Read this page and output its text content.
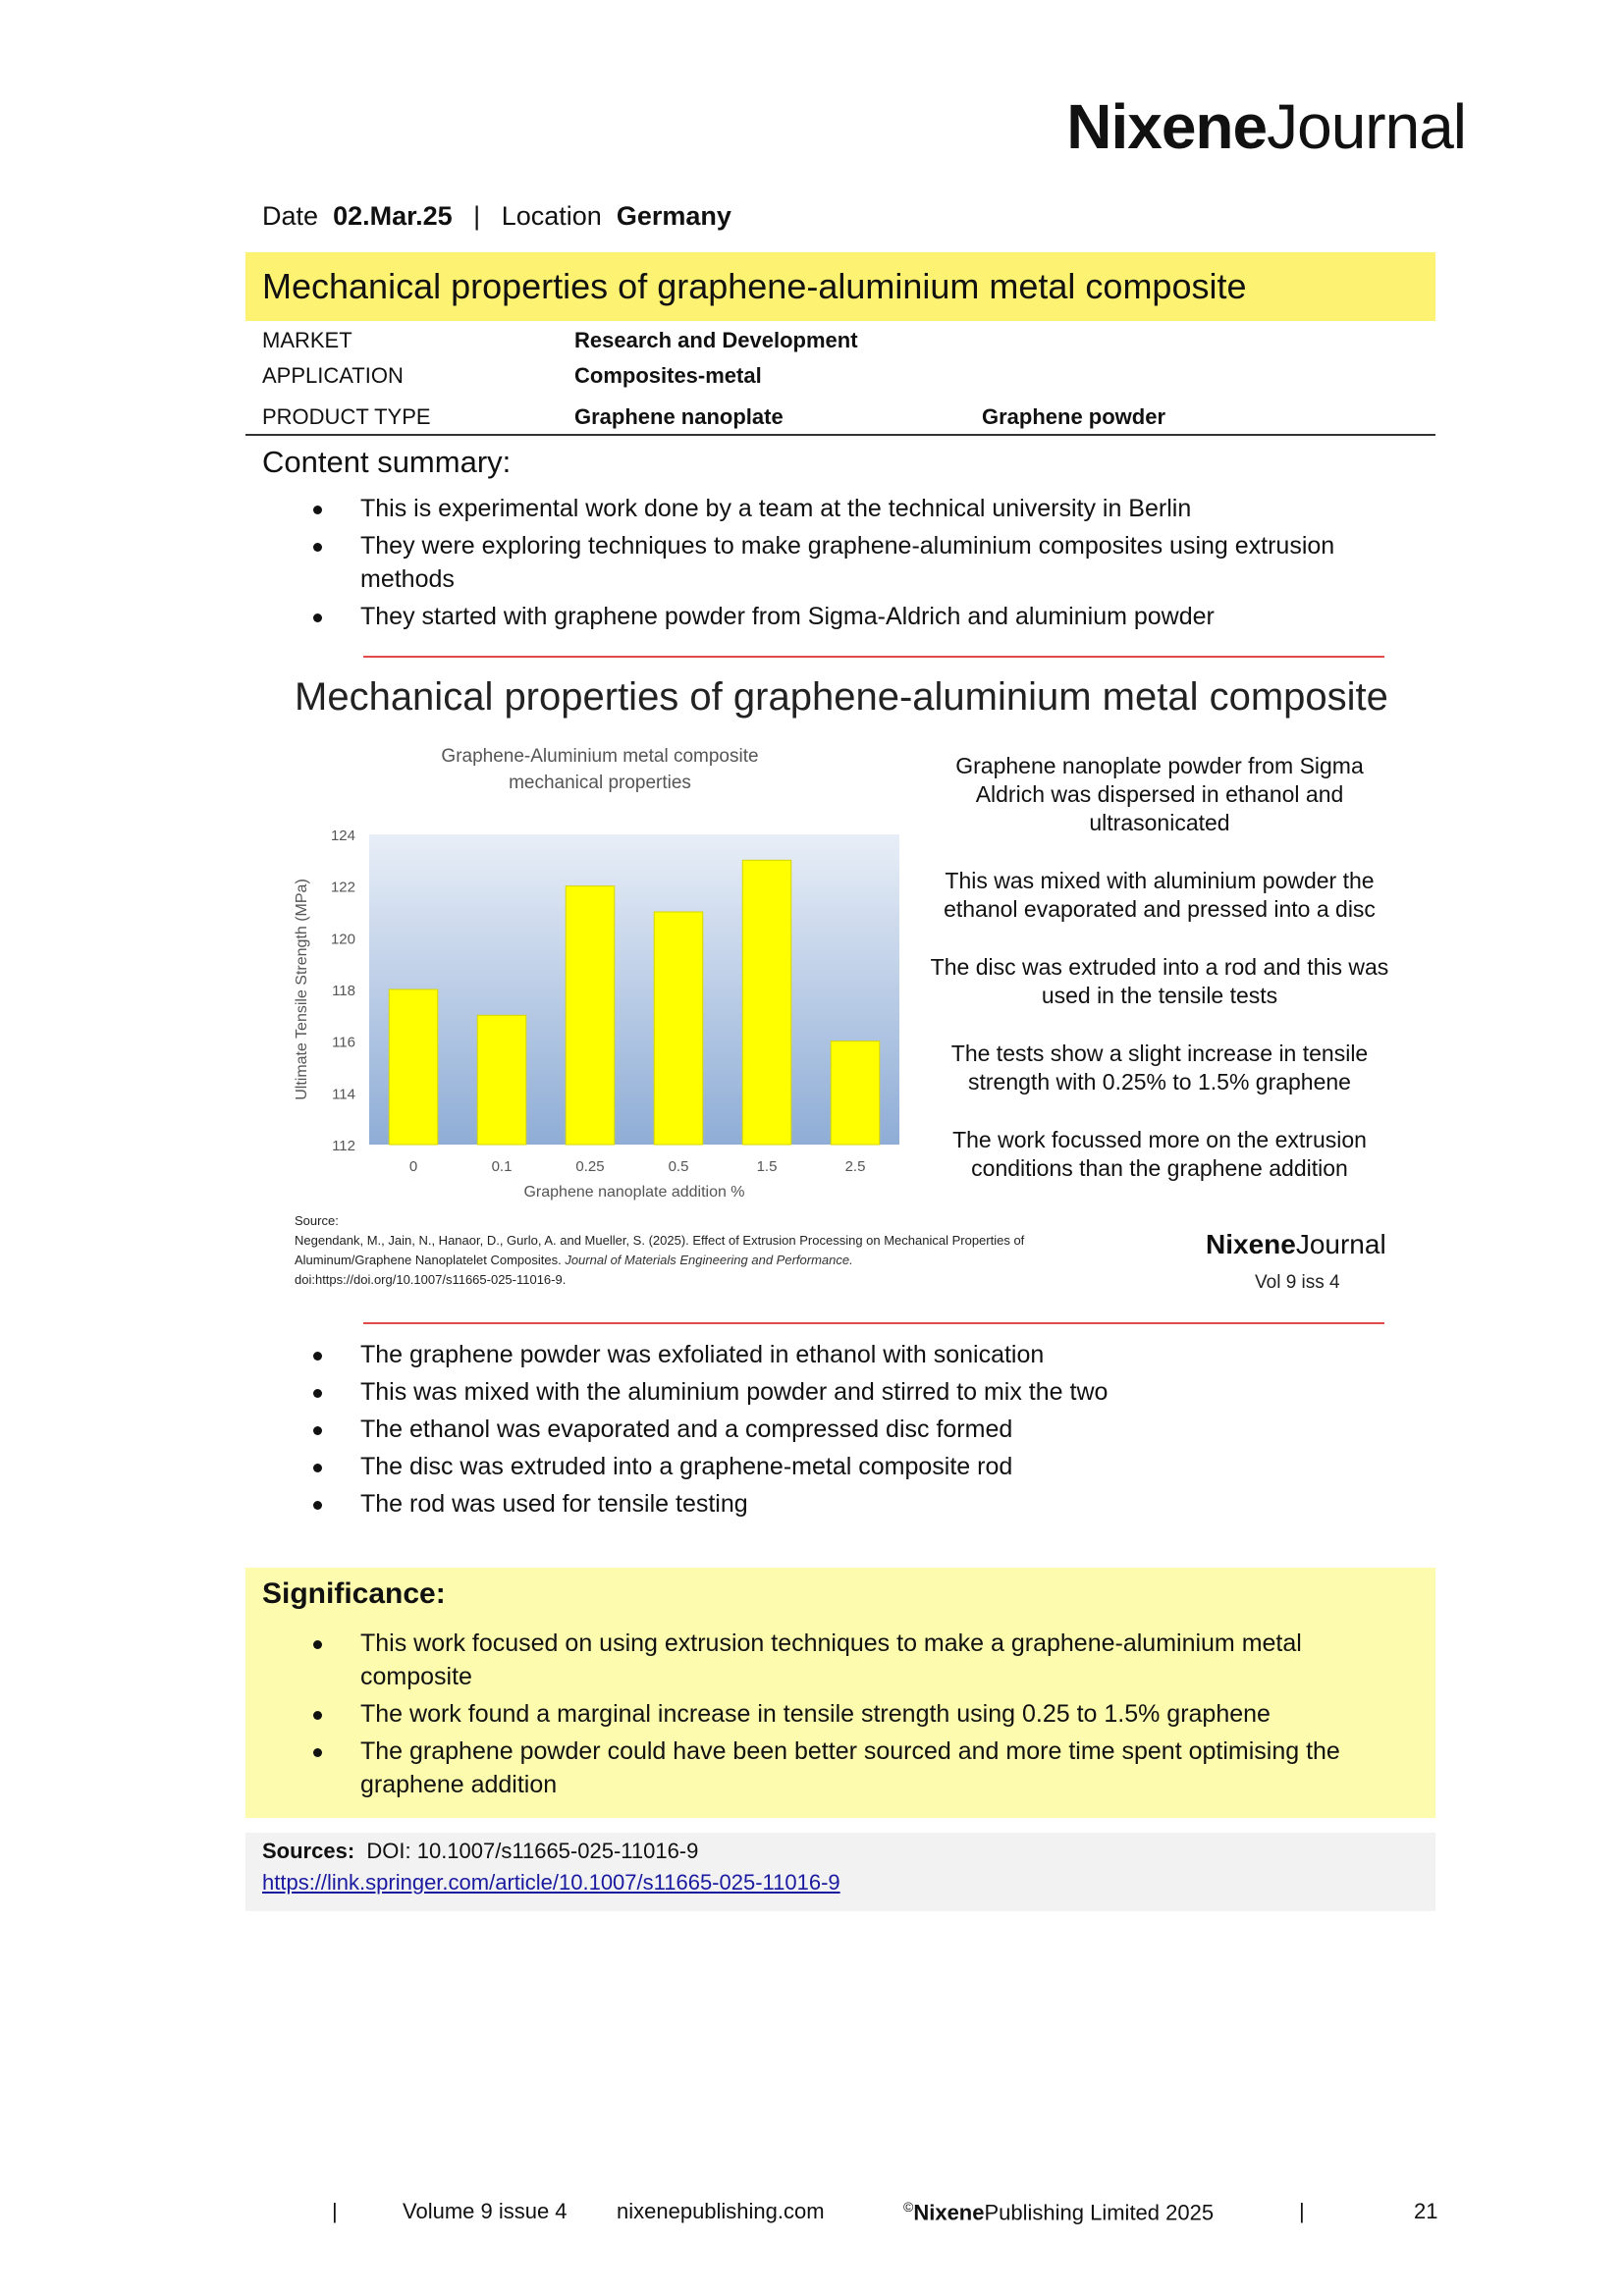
NixeneJournal
Date 02.Mar.25 | Location Germany
Mechanical properties of graphene-aluminium metal composite
MARKET	Research and Development
APPLICATION	Composites-metal
PRODUCT TYPE	Graphene nanoplate	Graphene powder
Content summary:
This is experimental work done by a team at the technical university in Berlin
They were exploring techniques to make graphene-aluminium composites using extrusion methods
They started with graphene powder from Sigma-Aldrich and aluminium powder
Mechanical properties of graphene-aluminium metal composite
Graphene-Aluminium metal composite
mechanical properties
112
114
116
118
120
122
124
0	0.1	0.25	0.5	1.5	2.5
Graphene nanoplate addition %
Ultimate Tensile Strength (MPa)

Graphene nanoplate powder from Sigma Aldrich was dispersed in ethanol and ultrasonicated

This was mixed with aluminium powder the ethanol evaporated and pressed into a disc

The disc was extruded into a rod and this was used in the tensile tests

The tests show a slight increase in tensile strength with 0.25% to 1.5% graphene

The work focussed more on the extrusion conditions than the graphene addition

Source:
Negendank, M., Jain, N., Hanaor, D., Gurlo, A. and Mueller, S. (2025). Effect of Extrusion Processing on Mechanical Properties of
Aluminum/Graphene Nanoplatelet Composites. Journal of Materials Engineering and Performance.
doi:https://doi.org/10.1007/s11665-025-11016-9.
NixeneJournal
Vol 9 iss 4
The graphene powder was exfoliated in ethanol with sonication
This was mixed with the aluminium powder and stirred to mix the two
The ethanol was evaporated and a compressed disc formed
The disc was extruded into a graphene-metal composite rod
The rod was used for tensile testing
Significance:
This work focused on using extrusion techniques to make a graphene-aluminium metal composite
The work found a marginal increase in tensile strength using 0.25 to 1.5% graphene
The graphene powder could have been better sourced and more time spent optimising the graphene addition
Sources: DOI: 10.1007/s11665-025-11016-9
https://link.springer.com/article/10.1007/s11665-025-11016-9
|	Volume 9 issue 4 nixenepublishing.com	©NixenePublishing Limited 2025	|	21
